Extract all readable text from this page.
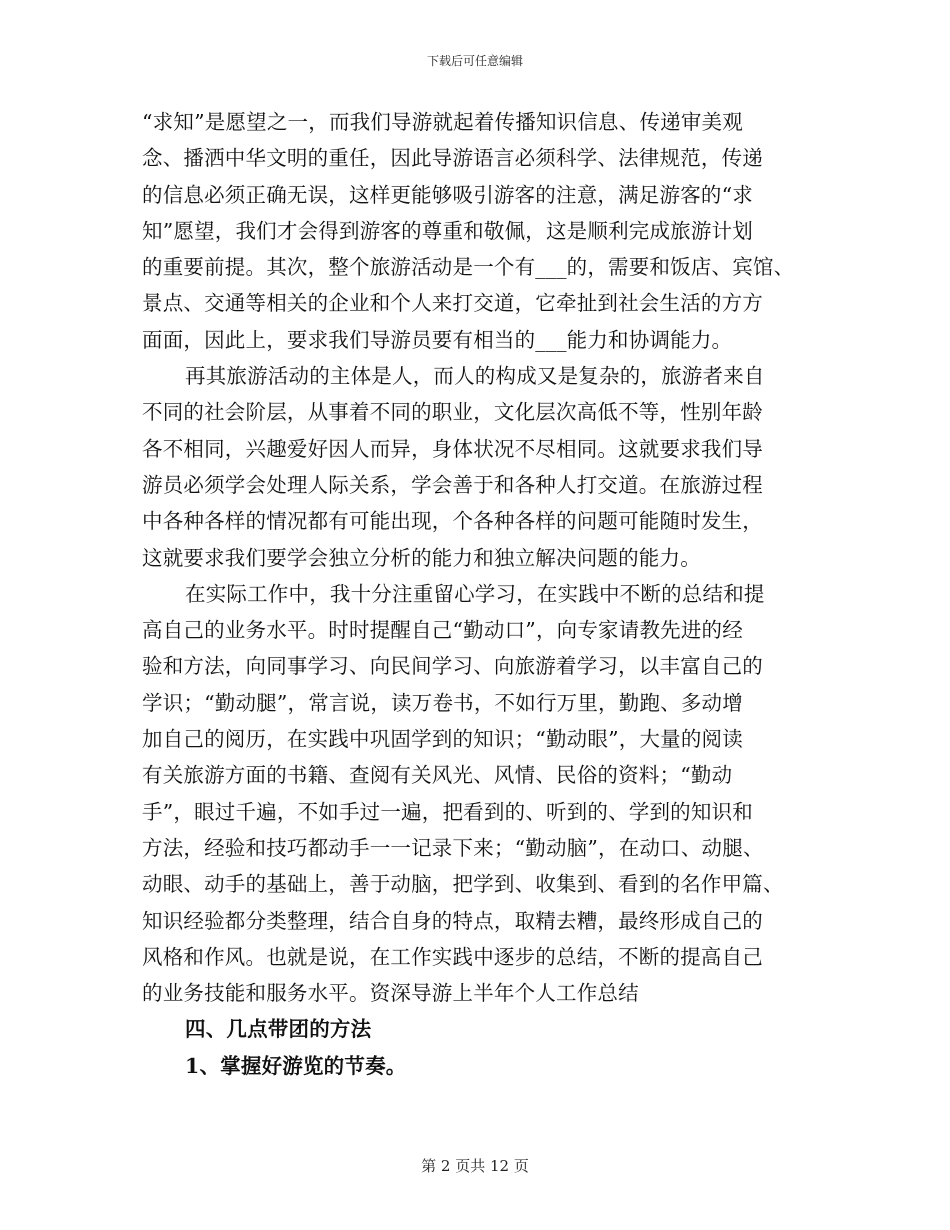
下载后可任意编辑
“求知”是愿望之一，而我们导游就起着传播知识信息、传递审美观
念、播洒中华文明的重任，因此导游语言必须科学、法律规范，传递
的信息必须正确无误，这样更能够吸引游客的注意，满足游客的“求
知”愿望，我们才会得到游客的尊重和敬佩，这是顺利完成旅游计划
的重要前提。其次，整个旅游活动是一个有___的，需要和饭店、宾馆、
景点、交通等相关的企业和个人来打交道，它牵扯到社会生活的方方
面面，因此上，要求我们导游员要有相当的___能力和协调能力。
再其旅游活动的主体是人，而人的构成又是复杂的，旅游者来自
不同的社会阶层，从事着不同的职业，文化层次高低不等，性别年龄
各不相同，兴趣爱好因人而异，身体状况不尽相同。这就要求我们导
游员必须学会处理人际关系，学会善于和各种人打交道。在旅游过程
中各种各样的情况都有可能出现，个各种各样的问题可能随时发生，
这就要求我们要学会独立分析的能力和独立解决问题的能力。
在实际工作中，我十分注重留心学习，在实践中不断的总结和提
高自己的业务水平。时时提醒自己“勤动口”，向专家请教先进的经
验和方法，向同事学习、向民间学习、向旅游着学习，以丰富自己的
学识；“勤动腿”，常言说，读万卷书，不如行万里，勤跑、多动增
加自己的阅历，在实践中巩固学到的知识；“勤动眼”，大量的阅读
有关旅游方面的书籍、查阅有关风光、风情、民俗的资料；“勤动
手”，眼过千遍，不如手过一遍，把看到的、听到的、学到的知识和
方法，经验和技巧都动手一一记录下来；“勤动脑”，在动口、动腿、
动眼、动手的基础上，善于动脑，把学到、收集到、看到的名作甲篇、
知识经验都分类整理，结合自身的特点，取精去糟，最终形成自己的
风格和作风。也就是说，在工作实践中逐步的总结，不断的提高自己
的业务技能和服务水平。资深导游上半年个人工作总结
四、几点带团的方法
1、掌握好游览的节奏。
第 2 页共 12 页
